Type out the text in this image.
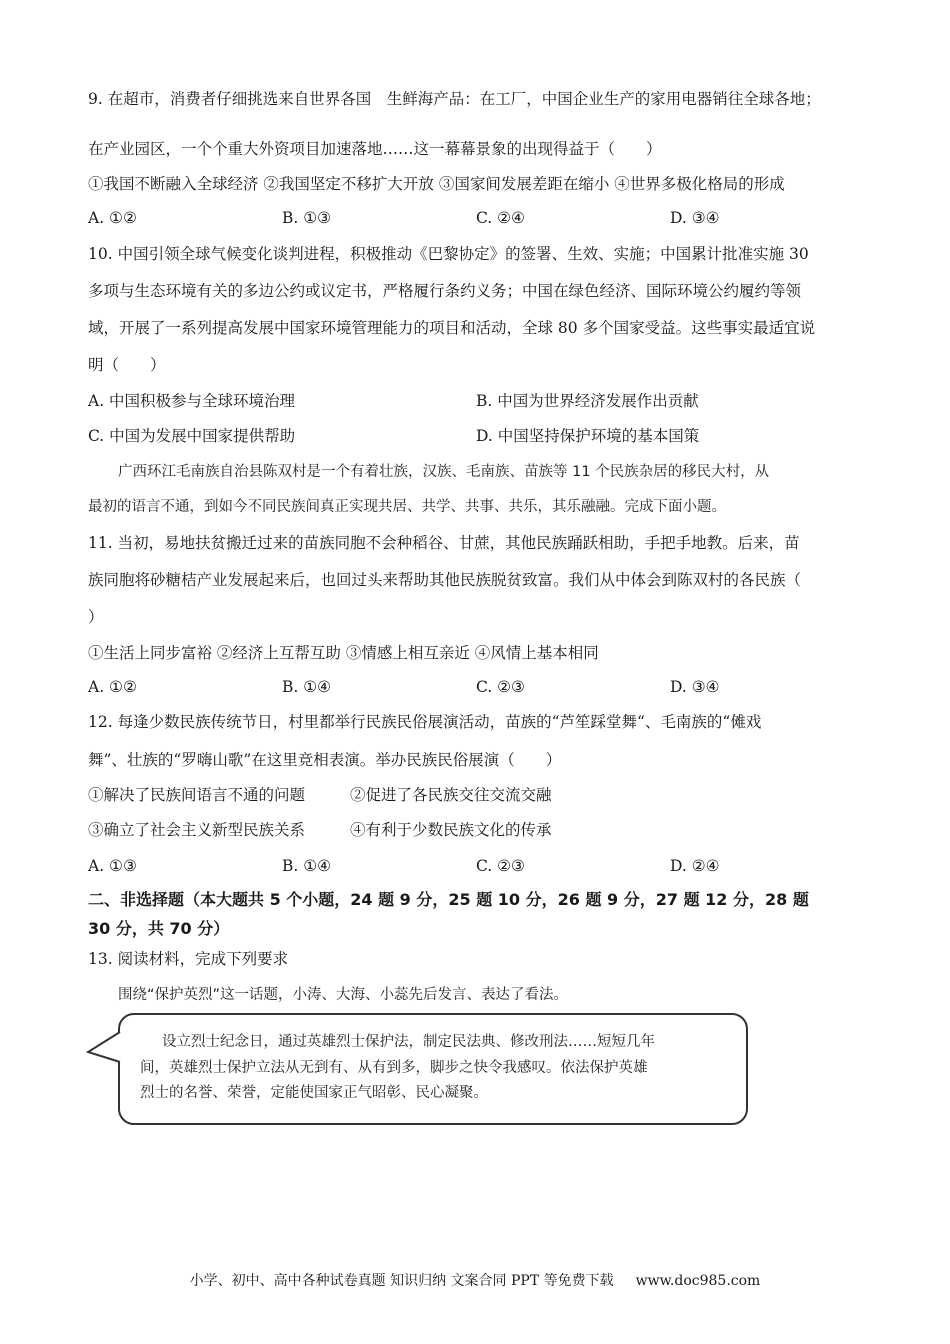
9. 在超市，消费者仔细挑选来自世界各国　生鲜海产品：在工厂，中国企业生产的家用电器销往全球各地；
在产业园区，一个个重大外资项目加速落地……这一幕幕景象的出现得益于（　　）
①我国不断融入全球经济 ②我国坚定不移扩大开放 ③国家间发展差距在缩小 ④世界多极化格局的形成
A. ①②	B. ①③	C. ②④	D. ③④
10. 中国引领全球气候变化谈判进程，积极推动《巴黎协定》的签署、生效、实施；中国累计批准实施 30
多项与生态环境有关的多边公约或议定书，严格履行条约义务；中国在绿色经济、国际环境公约履约等领
域，开展了一系列提高发展中国家环境管理能力的项目和活动，全球 80 多个国家受益。这些事实最适宜说
明（　　）
A. 中国积极参与全球环境治理	B. 中国为世界经济发展作出贡献
C. 中国为发展中国家提供帮助	D. 中国坚持保护环境的基本国策
广西环江毛南族自治县陈双村是一个有着壮族，汉族、毛南族、苗族等 11 个民族杂居的移民大村，从
最初的语言不通，到如今不同民族间真正实现共居、共学、共事、共乐，其乐融融。完成下面小题。
11. 当初，易地扶贫搬迁过来的苗族同胞不会种稻谷、甘蔗，其他民族踊跃相助，手把手地教。后来，苗
族同胞将砂糖桔产业发展起来后，也回过头来帮助其他民族脱贫致富。我们从中体会到陈双村的各民族（
）
①生活上同步富裕 ②经济上互帮互助 ③情感上相互亲近 ④风情上基本相同
A. ①②	B. ①④	C. ②③	D. ③④
12. 每逢少数民族传统节日，村里都举行民族民俗展演活动，苗族的“芦笙踩堂舞“、毛南族的“傩戏
舞”、壮族的“罗嗨山歌”在这里竞相表演。举办民族民俗展演（　　）
①解决了民族间语言不通的问题	②促进了各民族交往交流交融
③确立了社会主义新型民族关系	④有利于少数民族文化的传承
A. ①③	B. ①④	C. ②③	D. ②④
二、非选择题（本大题共 5 个小题，24 题 9 分，25 题 10 分，26 题 9 分，27 题 12 分，28 题
30 分，共 70 分）
13. 阅读材料，完成下列要求
围绕“保护英烈”这一话题，小涛、大海、小蕊先后发言、表达了看法。
设立烈士纪念日，通过英雄烈士保护法，制定民法典、修改刑法……短短几年
间，英雄烈士保护立法从无到有、从有到多，脚步之快令我感叹。依法保护英雄
烈士的名誉、荣誉，定能使国家正气昭彰、民心凝聚。
小学、初中、高中各种试卷真题 知识归纳 文案合同 PPT 等免费下载 www.doc985.com
